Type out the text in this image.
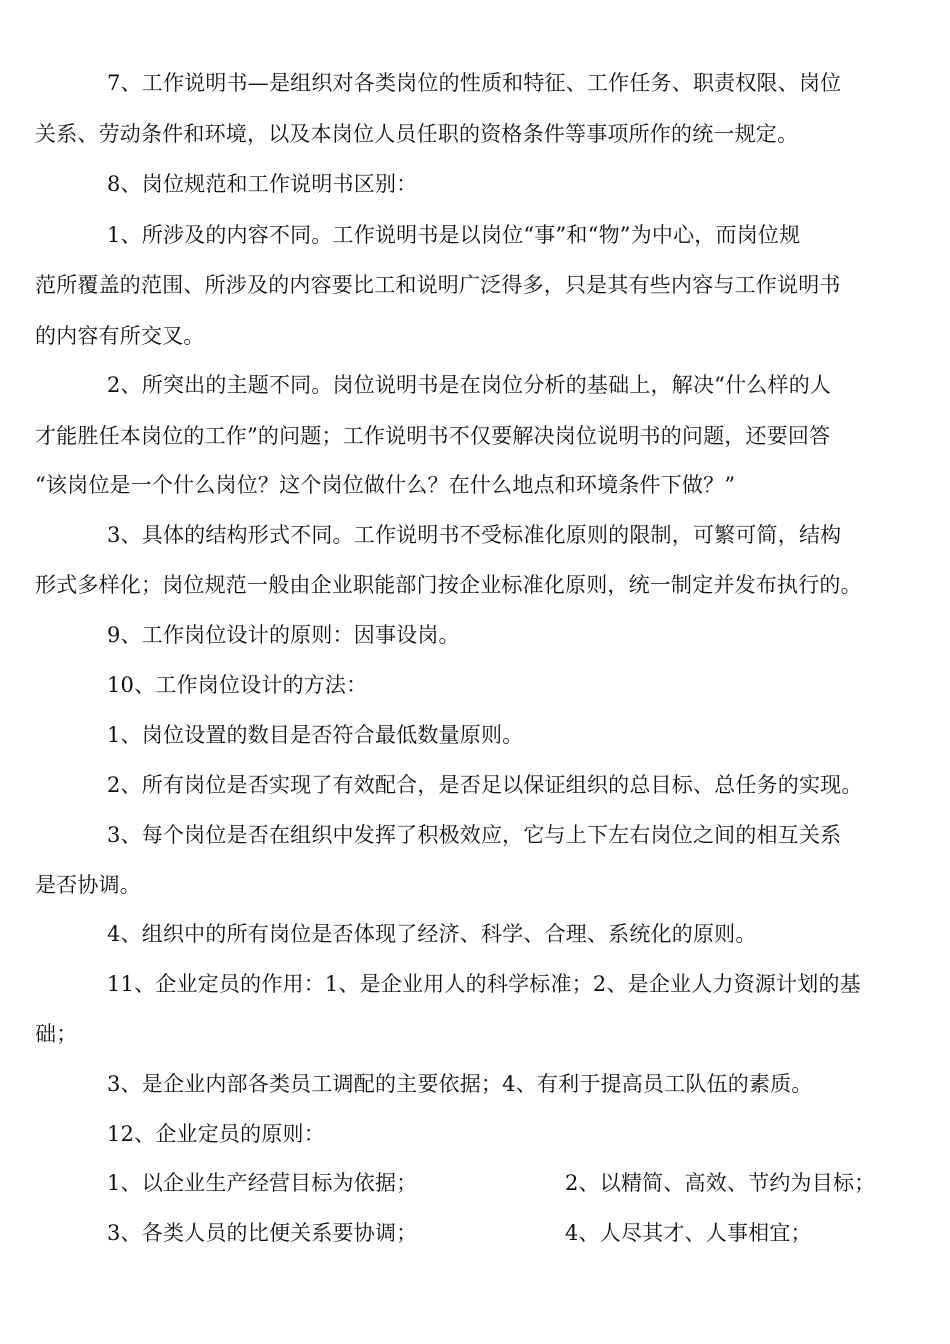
7、工作说明书—是组织对各类岗位的性质和特征、工作任务、职责权限、岗位
关系、劳动条件和环境，以及本岗位人员任职的资格条件等事项所作的统一规定。
8、岗位规范和工作说明书区别：
1、所涉及的内容不同。工作说明书是以岗位“事”和“物”为中心，而岗位规
范所覆盖的范围、所涉及的内容要比工和说明广泛得多，只是其有些内容与工作说明书
的内容有所交叉。
2、所突出的主题不同。岗位说明书是在岗位分析的基础上，解决“什么样的人
才能胜任本岗位的工作”的问题；工作说明书不仅要解决岗位说明书的问题，还要回答
“该岗位是一个什么岗位？这个岗位做什么？在什么地点和环境条件下做？”
3、具体的结构形式不同。工作说明书不受标准化原则的限制，可繁可简，结构
形式多样化；岗位规范一般由企业职能部门按企业标准化原则，统一制定并发布执行的。
9、工作岗位设计的原则：因事设岗。
10、工作岗位设计的方法：
1、岗位设置的数目是否符合最低数量原则。
2、所有岗位是否实现了有效配合，是否足以保证组织的总目标、总任务的实现。
3、每个岗位是否在组织中发挥了积极效应，它与上下左右岗位之间的相互关系
是否协调。
4、组织中的所有岗位是否体现了经济、科学、合理、系统化的原则。
11、企业定员的作用：1、是企业用人的科学标准；2、是企业人力资源计划的基
础；
3、是企业内部各类员工调配的主要依据；4、有利于提高员工队伍的素质。
12、企业定员的原则：
1、以企业生产经营目标为依据；	2、以精简、高效、节约为目标；
3、各类人员的比便关系要协调；	4、人尽其才、人事相宜；
